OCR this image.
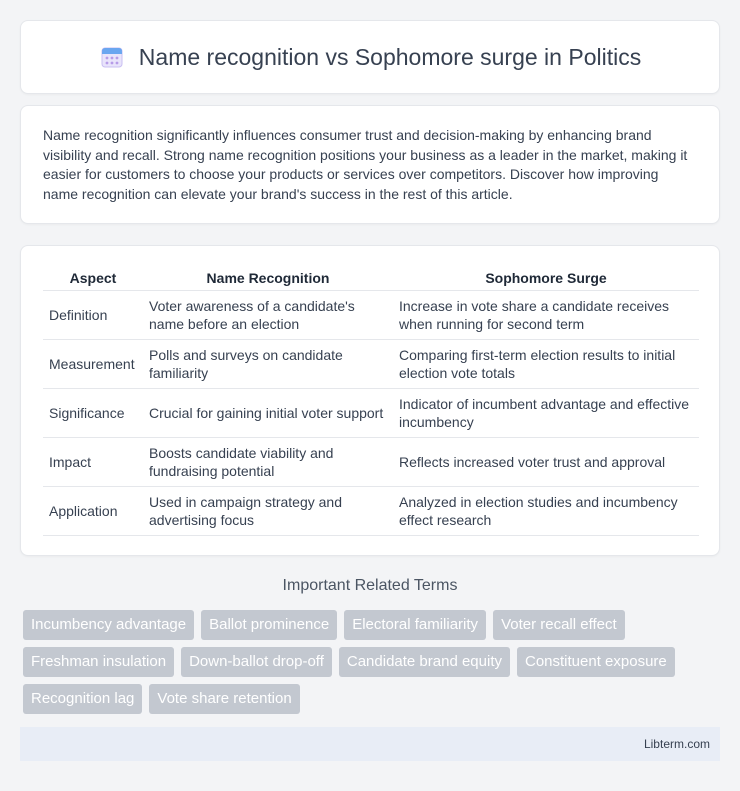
Name recognition vs Sophomore surge in Politics

Name recognition significantly influences consumer trust and decision-making by enhancing brand visibility and recall. Strong name recognition positions your business as a leader in the market, making it easier for customers to choose your products or services over competitors. Discover how improving name recognition can elevate your brand's success in the rest of this article.

Aspect	Name Recognition	Sophomore Surge
Definition	Voter awareness of a candidate's name before an election	Increase in vote share a candidate receives when running for second term
Measurement	Polls and surveys on candidate familiarity	Comparing first-term election results to initial election vote totals
Significance	Crucial for gaining initial voter support	Indicator of incumbent advantage and effective incumbency
Impact	Boosts candidate viability and fundraising potential	Reflects increased voter trust and approval
Application	Used in campaign strategy and advertising focus	Analyzed in election studies and incumbency effect research
Important Related Terms
Incumbency advantage	Ballot prominence	Electoral familiarity	Voter recall effect
Freshman insulation	Down-ballot drop-off	Candidate brand equity	Constituent exposure
Recognition lag	Vote share retention
Libterm.com
